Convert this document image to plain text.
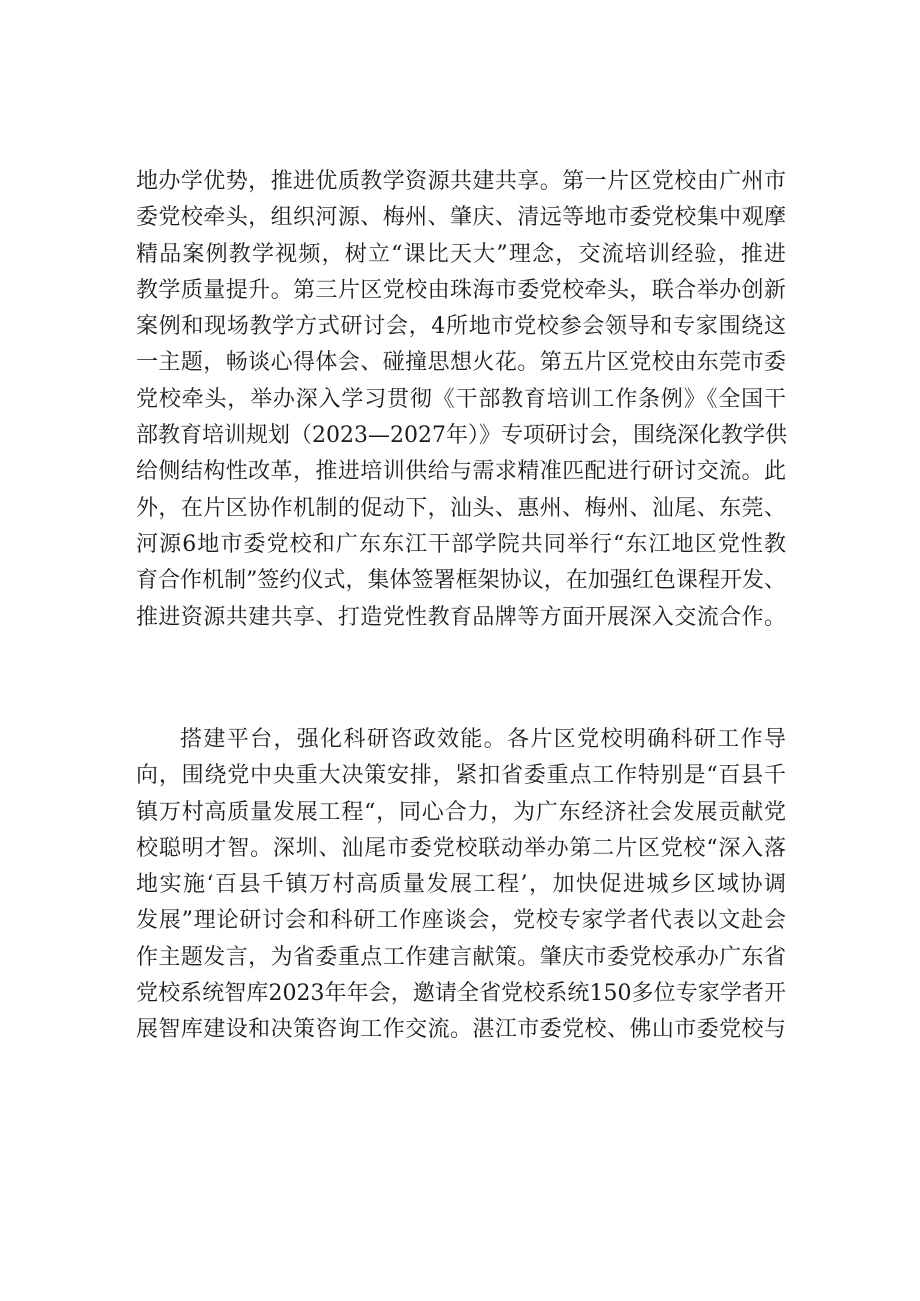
地办学优势，推进优质教学资源共建共享。第一片区党校由广州市
委党校牵头，组织河源、梅州、肇庆、清远等地市委党校集中观摩
精品案例教学视频，树立“课比天大”理念，交流培训经验，推进
教学质量提升。第三片区党校由珠海市委党校牵头，联合举办创新
案例和现场教学方式研讨会，4所地市党校参会领导和专家围绕这
一主题，畅谈心得体会、碰撞思想火花。第五片区党校由东莞市委
党校牵头，举办深入学习贯彻《干部教育培训工作条例》《全国干
部教育培训规划（2023—2027年）》专项研讨会，围绕深化教学供
给侧结构性改革，推进培训供给与需求精准匹配进行研讨交流。此
外，在片区协作机制的促动下，汕头、惠州、梅州、汕尾、东莞、
河源6地市委党校和广东东江干部学院共同举行“东江地区党性教
育合作机制”签约仪式，集体签署框架协议，在加强红色课程开发、
推进资源共建共享、打造党性教育品牌等方面开展深入交流合作。
搭建平台，强化科研咨政效能。各片区党校明确科研工作导
向，围绕党中央重大决策安排，紧扣省委重点工作特别是“百县千
镇万村高质量发展工程“，同心合力，为广东经济社会发展贡献党
校聪明才智。深圳、汕尾市委党校联动举办第二片区党校“深入落
地实施‘百县千镇万村高质量发展工程’，加快促进城乡区域协调
发展”理论研讨会和科研工作座谈会，党校专家学者代表以文赴会
作主题发言，为省委重点工作建言献策。肇庆市委党校承办广东省
党校系统智库2023年年会，邀请全省党校系统150多位专家学者开
展智库建设和决策咨询工作交流。湛江市委党校、佛山市委党校与
